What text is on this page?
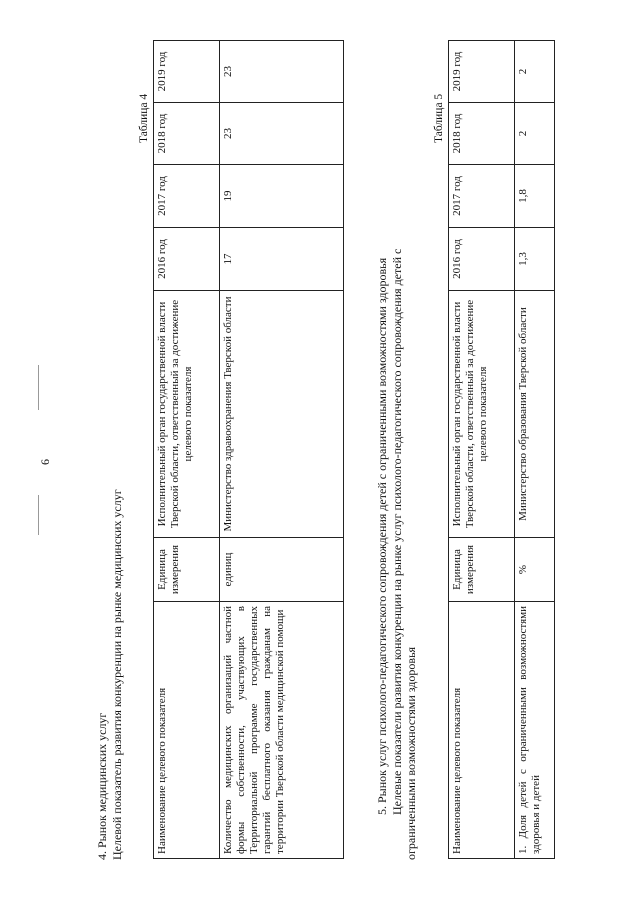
6
4. Рынок медицинских услуг Целевой показатель развития конкуренции на рынке медицинских услуг
Таблица 4
Наименование целевого показателя	Единица измерения	Исполнительный орган государственной власти Тверской области, ответственный за достижение целевого показателя	2016 год	2017 год	2018 год	2019 год
Количество медицинских организаций частной формы собственности, участвующих в Территориальной программе государственных гарантий бесплатного оказания гражданам на территории Тверской области медицинской помощи	единиц	Министерство здравоохранения Тверской области	17	19	23	23
5. Рынок услуг психолого-педагогического сопровождения детей с ограниченными возможностями здоровья Целевые показатели развития конкуренции на рынке услуг психолого-педагогического сопровождения детей с ограниченными возможностями здоровья
Таблица 5
Наименование целевого показателя	Единица измерения	Исполнительный орган государственной власти Тверской области, ответственный за достижение целевого показателя	2016 год	2017 год	2018 год	2019 год
1. Доля детей с ограниченными возможностями здоровья и детей	%	Министерство образования Тверской области	1,3	1,8	2	2
